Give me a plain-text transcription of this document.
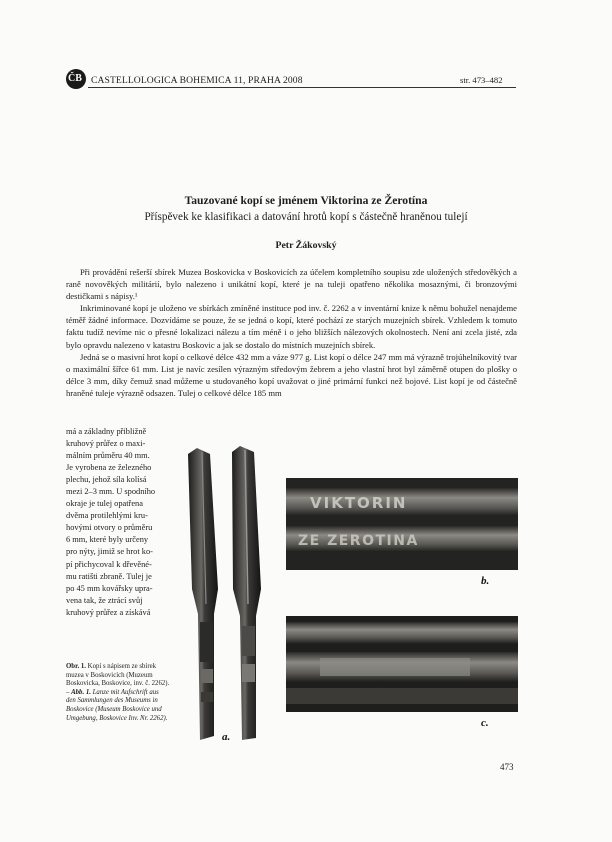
ČB CASTELLOLOGICA BOHEMICA 11, PRAHA 2008	str. 473–482
Tauzované kopí se jménem Viktorina ze Žerotína
Příspěvek ke klasifikaci a datování hrotů kopí s částečně hraněnou tulejí
Petr Žákovský

Při provádění rešerší sbírek Muzea Boskovicka v Boskovicích za účelem kompletního soupisu zde uložených středověkých a raně novověkých militárií, bylo nalezeno i unikátní kopí, které je na tuleji opatřeno několika mosaznými, či bronzovými destičkami s nápisy.¹

Inkriminované kopí je uloženo ve sbírkách zmíněné instituce pod inv. č. 2262 a v inventární knize k němu bohužel nenajdeme téměř žádné informace. Dozvídáme se pouze, že se jedná o kopí, které pochází ze starých muzejních sbírek. Vzhledem k tomuto faktu tudíž nevíme nic o přesné lokalizaci nálezu a tím méně i o jeho bližších nálezových okolnostech. Není ani zcela jisté, zda bylo opravdu nalezeno v katastru Boskovic a jak se dostalo do místních muzejních sbírek.

Jedná se o masivní hrot kopí o celkové délce 432 mm a váze 977 g. List kopí o délce 247 mm má výrazně trojúhelníkovitý tvar o maximální šířce 61 mm. List je navíc zesílen výrazným středovým žebrem a jeho vlastní hrot byl záměrně otupen do plošky o délce 3 mm, díky čemuž snad můžeme u studovaného kopí uvažovat o jiné primární funkci než bojové. List kopí je od částečně hraněné tuleje výrazně odsazen. Tulej o celkové délce 185 mm

má a základny přibližně
kruhový průřez o maxi-
málním průměru 40 mm.
Je vyrobena ze železného
plechu, jehož síla kolísá
mezi 2–3 mm. U spodního
okraje je tulej opatřena
dvěma protilehlými kru-
hovými otvory o průměru
6 mm, které byly určeny
pro nýty, jimiž se hrot ko-
pí přichycoval k dřevěné-
mu ratišti zbraně. Tulej je
po 45 mm kovářsky upra-
vena tak, že ztrácí svůj
kruhový průřez a získává
Obr. 1. Kopí s nápisem ze sbírek muzea v Boskovicích (Muzeum Boskovicka, Boskovice, inv. č. 2262). – Abb. 1. Lanze mit Aufschrift aus den Sammlungen des Museums in Boskovice (Museum Boskovice und Umgebung, Boskovice Inv. Nr. 2262).
VIKTORIN
ZE ZEROTINA
a.
b.
c.
473
